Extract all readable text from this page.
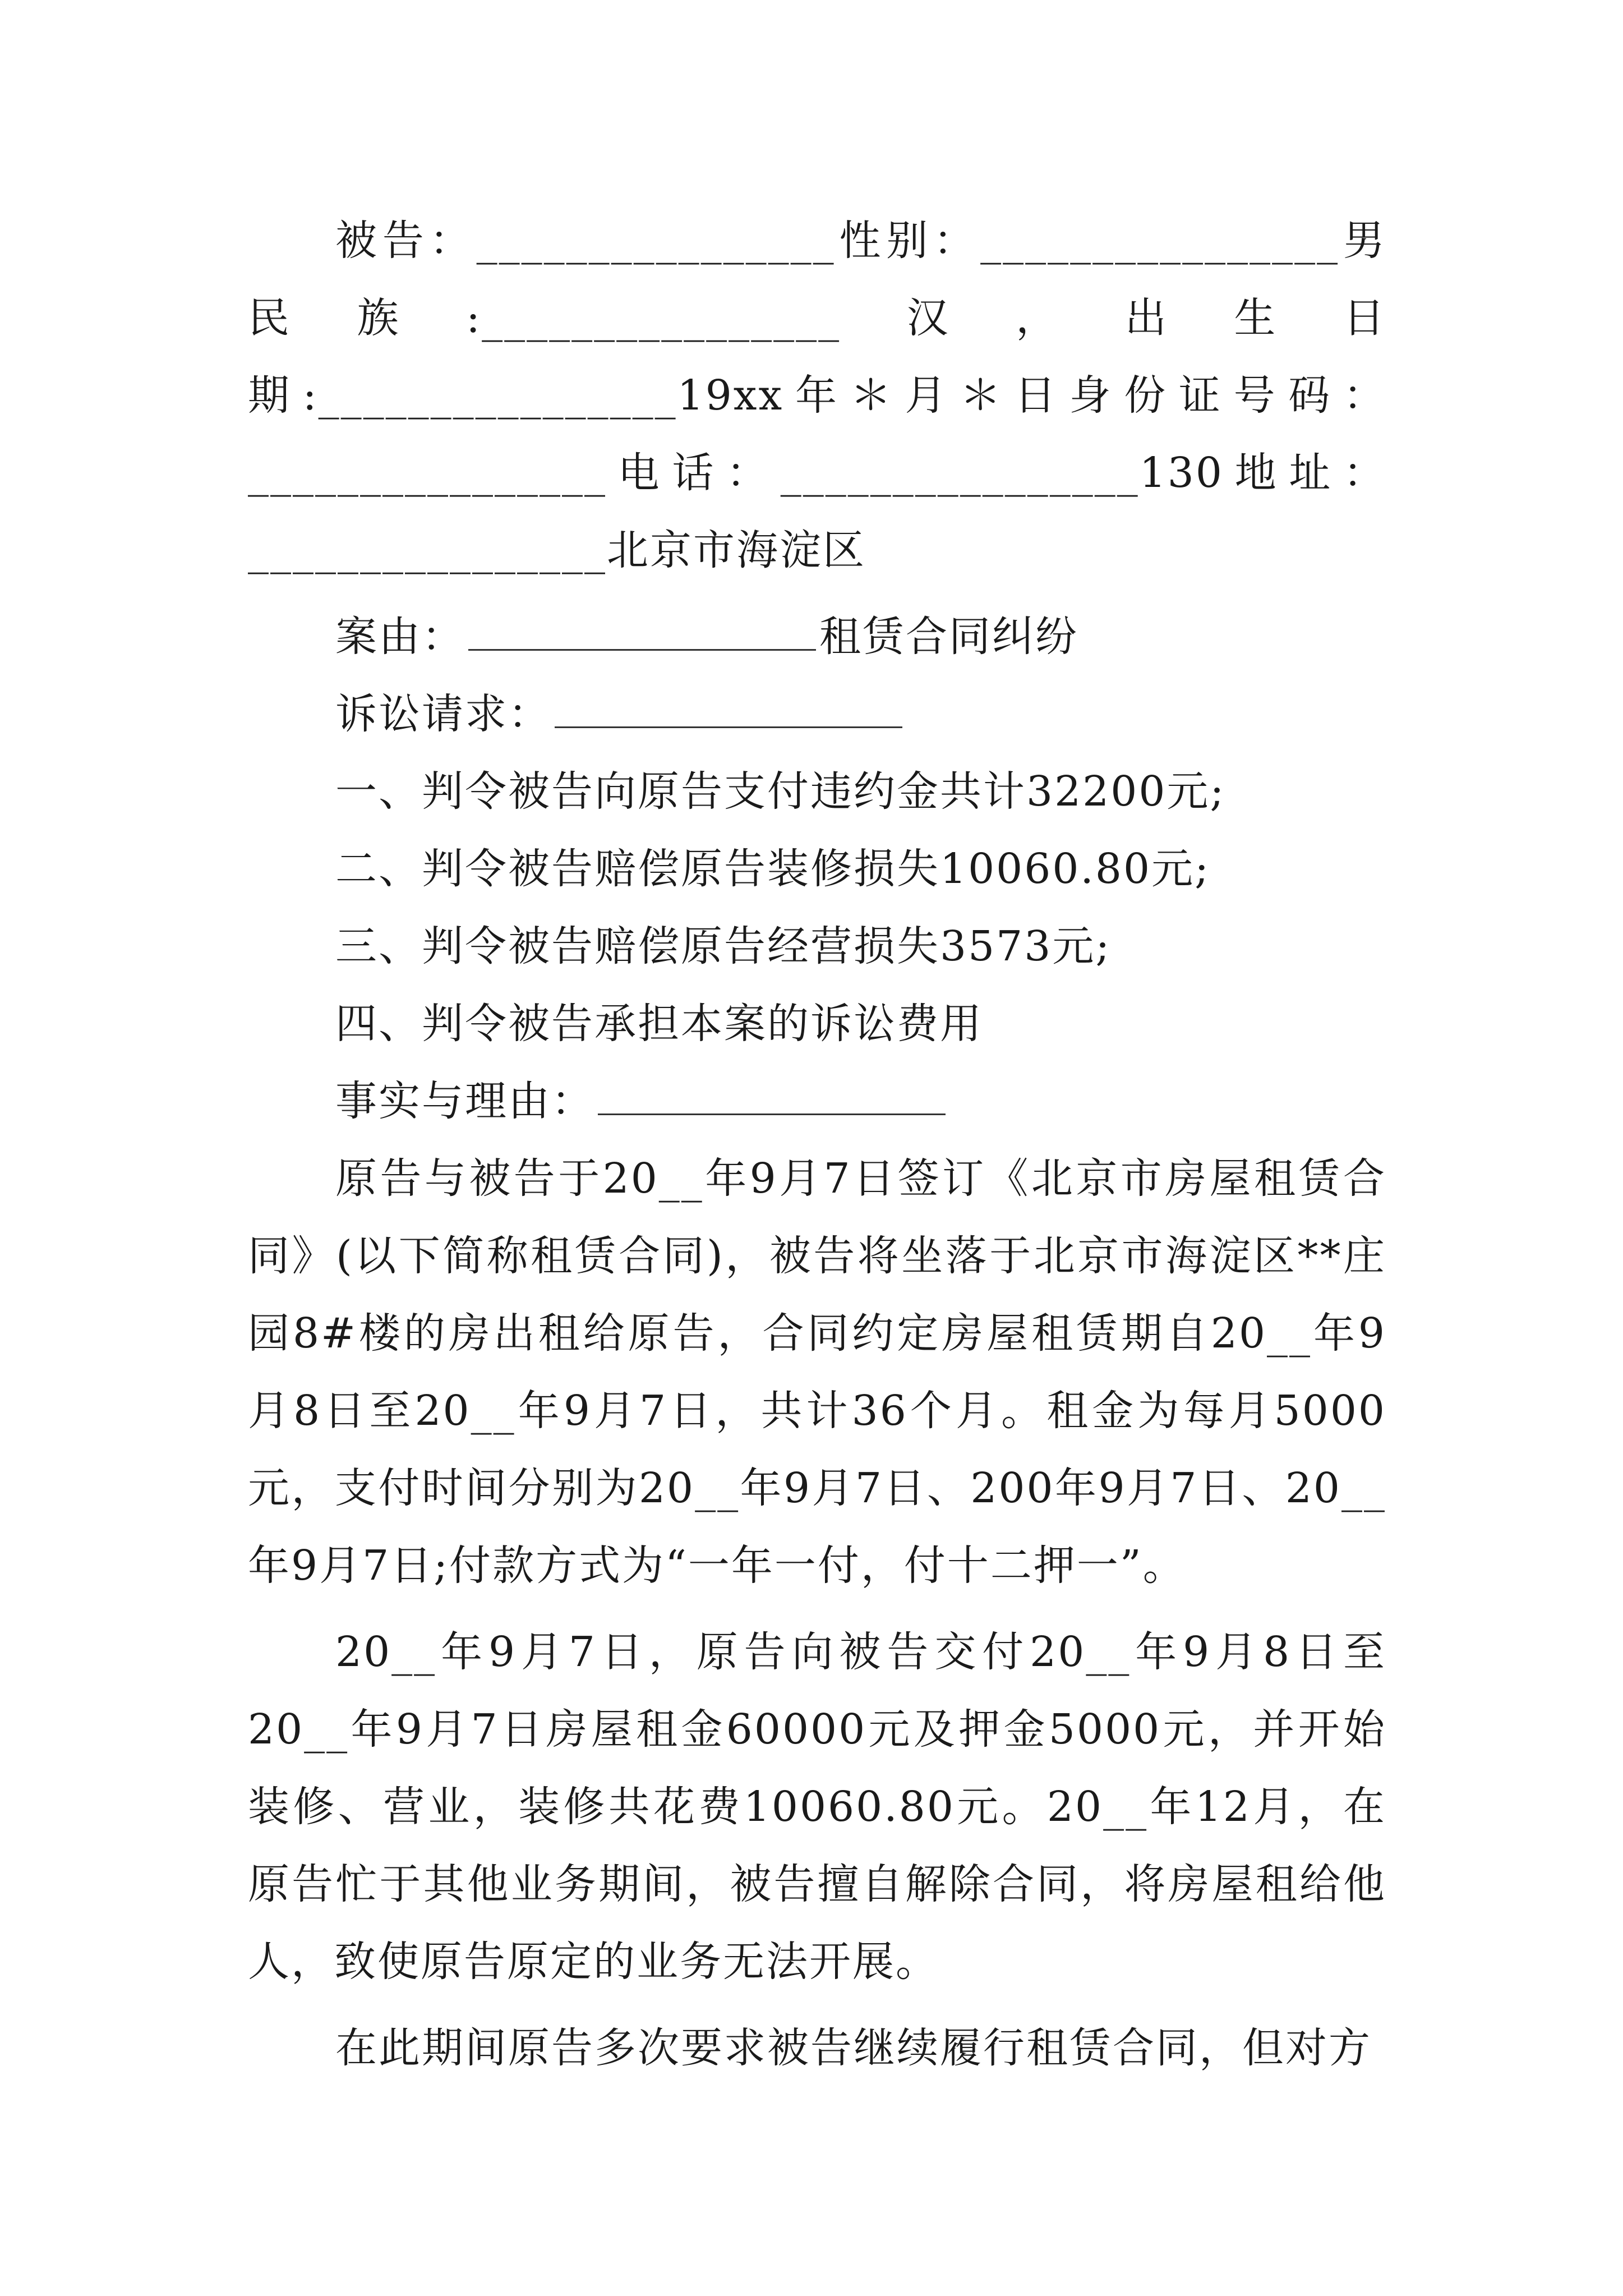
被告：________________性别：________________男民族:________________汉，出生日期:________________19xx年＊月＊日身份证号码：________________电话：________________130地址：________________北京市海淀区

案由：	租赁合同纠纷

诉讼请求：

一、判令被告向原告支付违约金共计32200元;

二、判令被告赔偿原告装修损失10060.80元;

三、判令被告赔偿原告经营损失3573元;

四、判令被告承担本案的诉讼费用

事实与理由：

原告与被告于20__年9月7日签订《北京市房屋租赁合同》(以下简称租赁合同)，被告将坐落于北京市海淀区**庄园8#楼的房出租给原告，合同约定房屋租赁期自20__年9月8日至20__年9月7日，共计36个月。租金为每月5000元，支付时间分别为20__年9月7日、200年9月7日、20__年9月7日;付款方式为“一年一付，付十二押一”。

20__年9月7日，原告向被告交付20__年9月8日至20__年9月7日房屋租金60000元及押金5000元，并开始装修、营业，装修共花费10060.80元。20__年12月，在原告忙于其他业务期间，被告擅自解除合同，将房屋租给他人，致使原告原定的业务无法开展。

在此期间原告多次要求被告继续履行租赁合同，但对方
